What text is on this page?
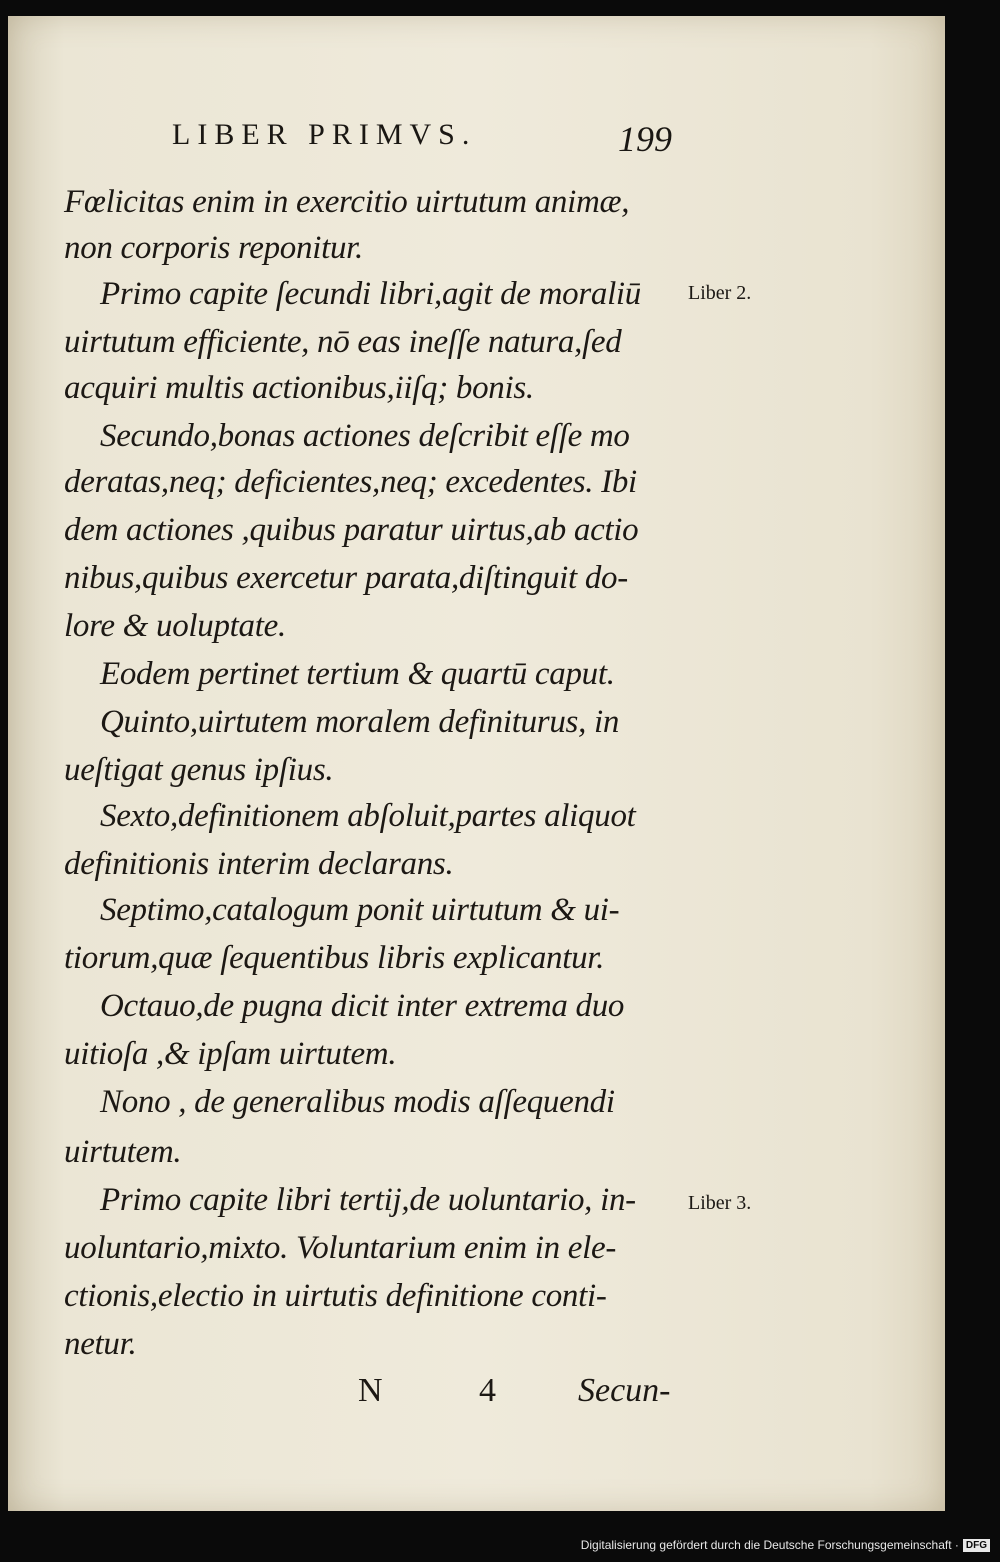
LIBER PRIMVS.	199
Fœlicitas enim in exercitio uirtutum animæ,
non corporis reponitur.
Primo capite ſecundi libri,agit de moraliū
uirtutum efficiente, nō eas ineſſe natura,ſed
acquiri multis actionibus,iiſq; bonis.
Secundo,bonas actiones deſcribit eſſe mo
deratas,neq; deficientes,neq; excedentes. Ibi
dem actiones ,quibus paratur uirtus,ab actio
nibus,quibus exercetur parata,diſtinguit do-
lore & uoluptate.
Eodem pertinet tertium & quartū caput.
Quinto,uirtutem moralem definiturus, in
ueſtigat genus ipſius.
Sexto,definitionem abſoluit,partes aliquot
definitionis interim declarans.
Septimo,catalogum ponit uirtutum & ui-
tiorum,quæ ſequentibus libris explicantur.
Octauo,de pugna dicit inter extrema duo
uitioſa ,& ipſam uirtutem.
Nono , de generalibus modis aſſequendi
uirtutem.
Primo capite libri tertij,de uoluntario, in-
uoluntario,mixto. Voluntarium enim in ele-
ctionis,electio in uirtutis definitione conti-
netur.
Liber 2.
Liber 3.
N 4 Secun-
Digitalisierung gefördert durch die Deutsche Forschungsgemeinschaft · DFG
